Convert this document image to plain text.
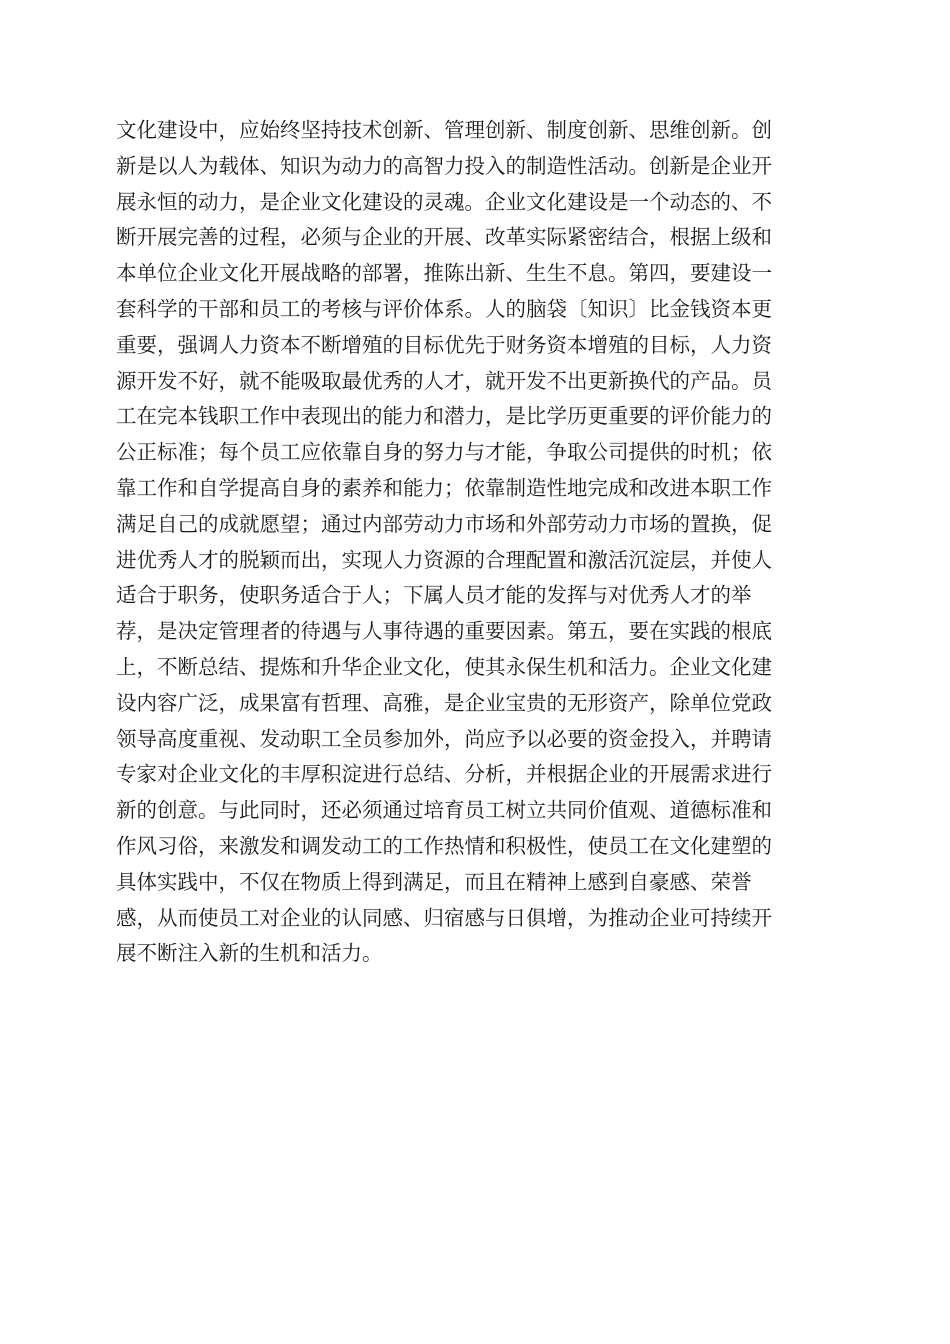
文化建设中，应始终坚持技术创新、管理创新、制度创新、思维创新。创
新是以人为载体、知识为动力的高智力投入的制造性活动。创新是企业开
展永恒的动力，是企业文化建设的灵魂。企业文化建设是一个动态的、不
断开展完善的过程，必须与企业的开展、改革实际紧密结合，根据上级和
本单位企业文化开展战略的部署，推陈出新、生生不息。第四，要建设一
套科学的干部和员工的考核与评价体系。人的脑袋〔知识〕比金钱资本更
重要，强调人力资本不断增殖的目标优先于财务资本增殖的目标，人力资
源开发不好，就不能吸取最优秀的人才，就开发不出更新换代的产品。员
工在完本钱职工作中表现出的能力和潜力，是比学历更重要的评价能力的
公正标准；每个员工应依靠自身的努力与才能，争取公司提供的时机；依
靠工作和自学提高自身的素养和能力；依靠制造性地完成和改进本职工作
满足自己的成就愿望；通过内部劳动力市场和外部劳动力市场的置换，促
进优秀人才的脱颖而出，实现人力资源的合理配置和激活沉淀层，并使人
适合于职务，使职务适合于人；下属人员才能的发挥与对优秀人才的举
荐，是决定管理者的待遇与人事待遇的重要因素。第五，要在实践的根底
上，不断总结、提炼和升华企业文化，使其永保生机和活力。企业文化建
设内容广泛，成果富有哲理、高雅，是企业宝贵的无形资产，除单位党政
领导高度重视、发动职工全员参加外，尚应予以必要的资金投入，并聘请
专家对企业文化的丰厚积淀进行总结、分析，并根据企业的开展需求进行
新的创意。与此同时，还必须通过培育员工树立共同价值观、道德标准和
作风习俗，来激发和调发动工的工作热情和积极性，使员工在文化建塑的
具体实践中，不仅在物质上得到满足，而且在精神上感到自豪感、荣誉
感，从而使员工对企业的认同感、归宿感与日俱增，为推动企业可持续开
展不断注入新的生机和活力。
